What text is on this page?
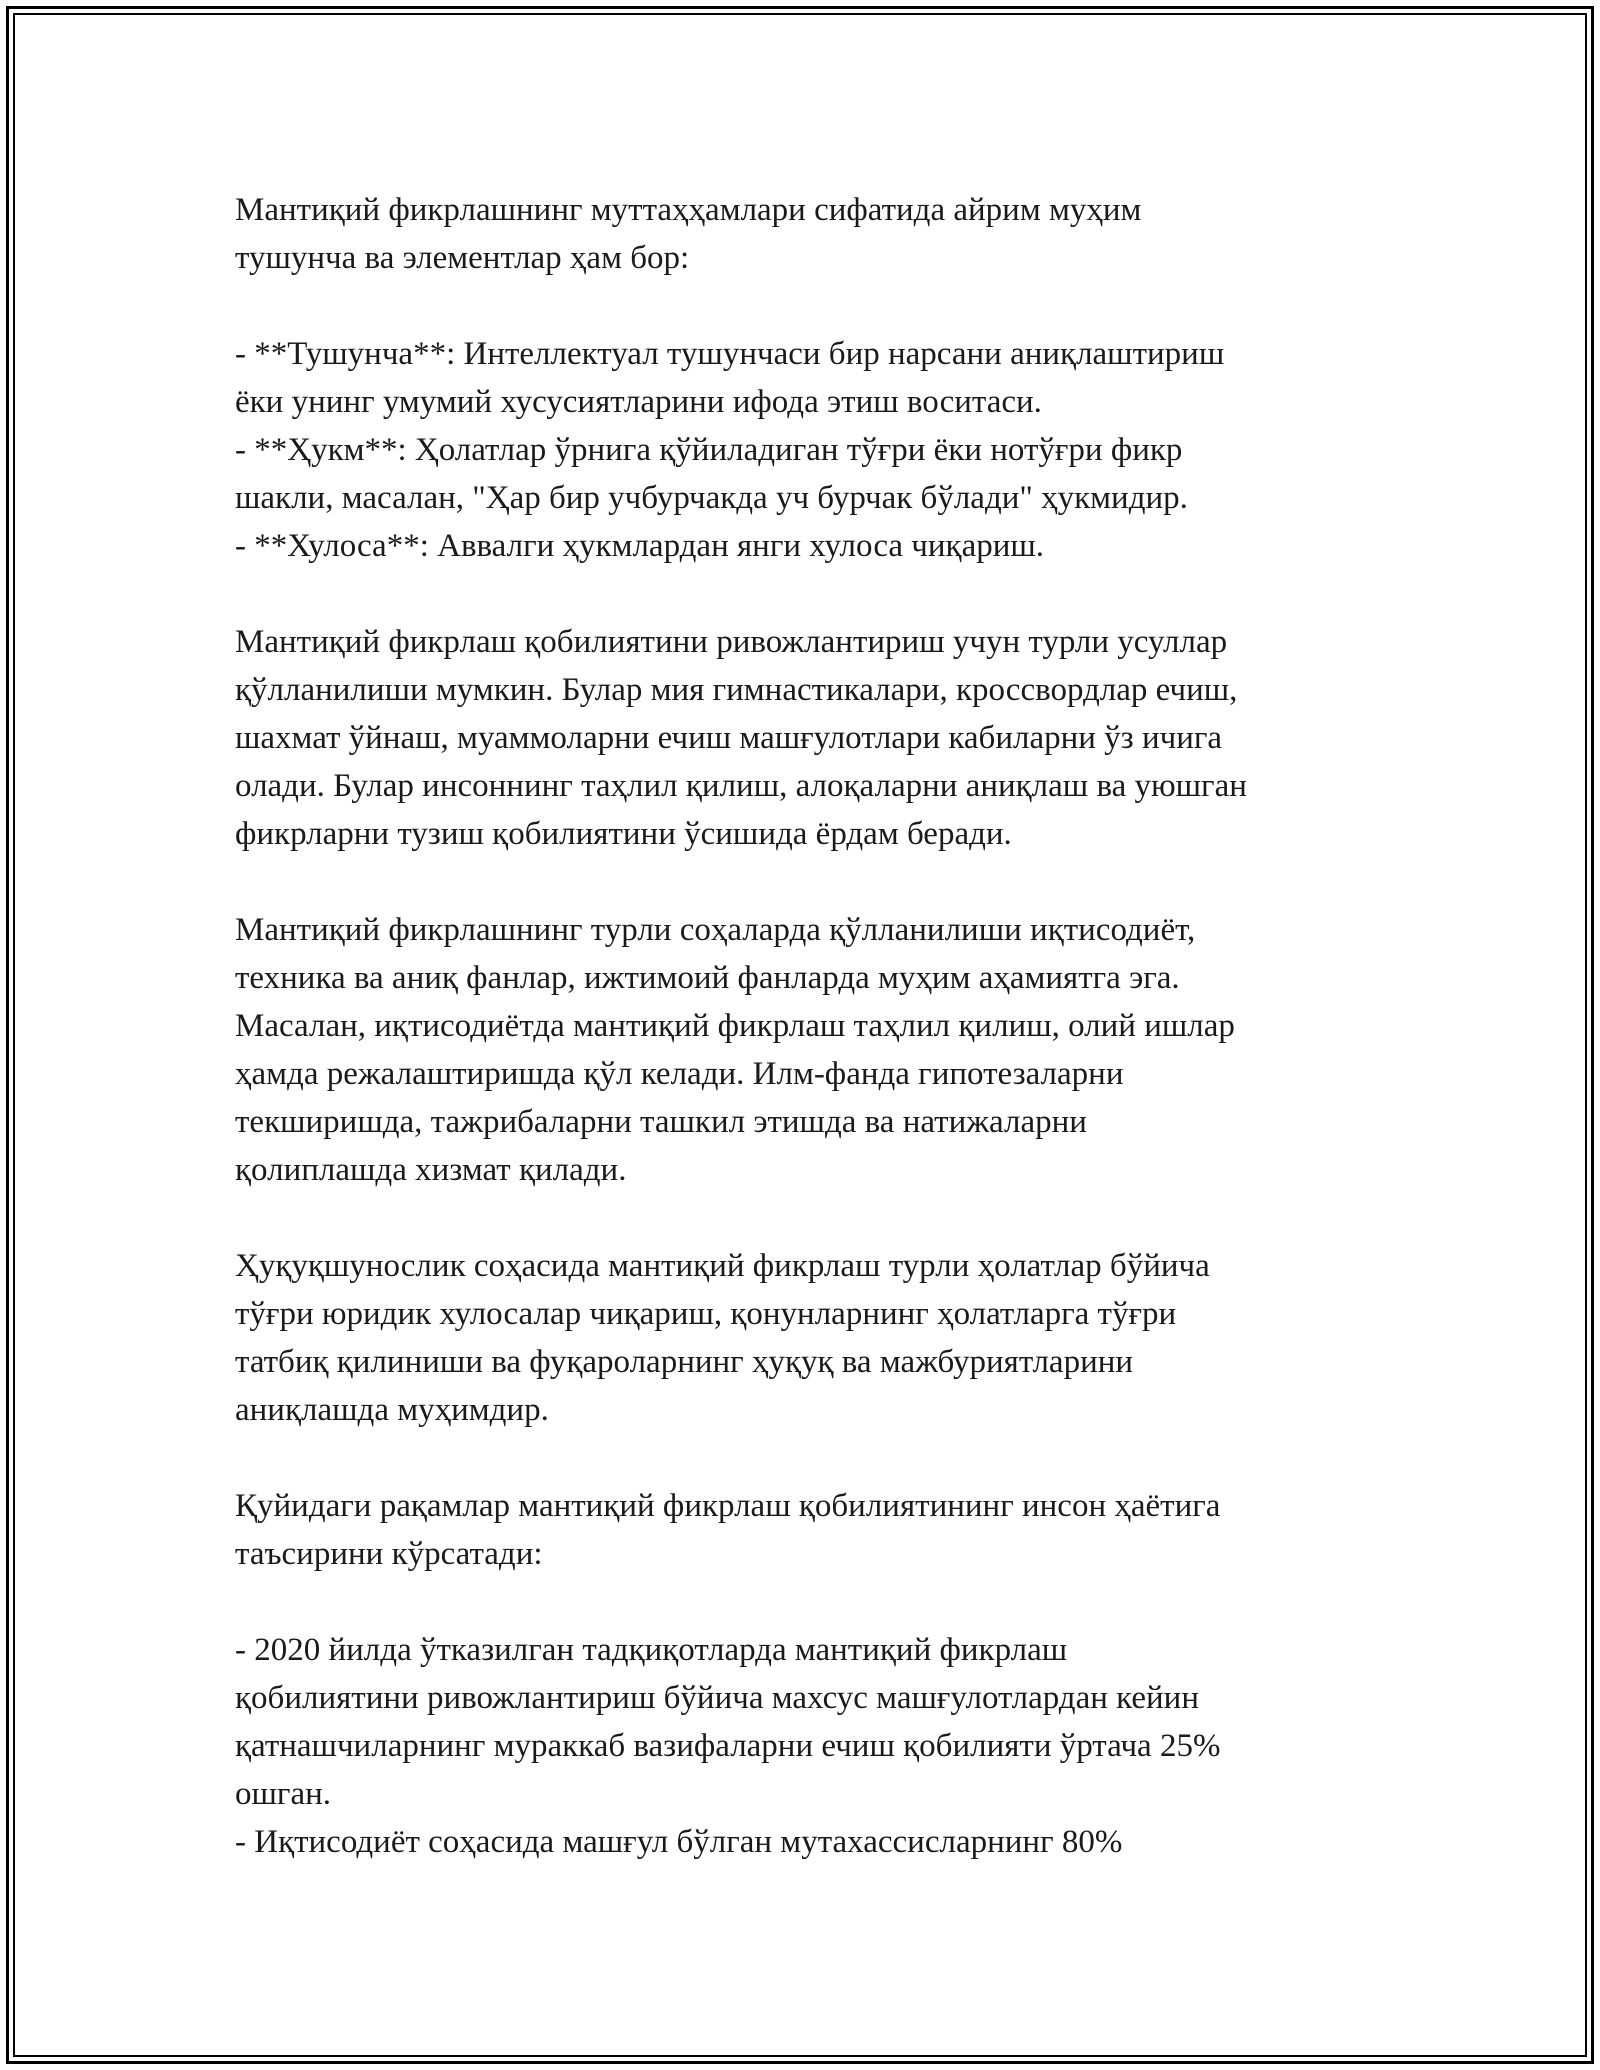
Мантиқий фикрлашнинг муттаҳҳамлари сифатида айрим муҳим
тушунча ва элементлар ҳам бор:
- **Тушунча**: Интеллектуал тушунчаси бир нарсани аниқлаштириш
ёки унинг умумий хусусиятларини ифода этиш воситаси.
- **Ҳукм**: Ҳолатлар ўрнига қўйиладиган тўғри ёки нотўғри фикр
шакли, масалан, "Ҳар бир учбурчакда уч бурчак бўлади" ҳукмидир.
- **Хулоса**: Аввалги ҳукмлардан янги хулоса чиқариш.
Мантиқий фикрлаш қобилиятини ривожлантириш учун турли усуллар
қўлланилиши мумкин. Булар мия гимнастикалари, кроссвордлар ечиш,
шахмат ўйнаш, муаммоларни ечиш машғулотлари кабиларни ўз ичига
олади. Булар инсоннинг таҳлил қилиш, алоқаларни аниқлаш ва уюшган
фикрларни тузиш қобилиятини ўсишида ёрдам беради.
Мантиқий фикрлашнинг турли соҳаларда қўлланилиши иқтисодиёт,
техника ва аниқ фанлар, ижтимоий фанларда муҳим аҳамиятга эга.
Масалан, иқтисодиётда мантиқий фикрлаш таҳлил қилиш, олий ишлар
ҳамда режалаштиришда қўл келади. Илм-фанда гипотезаларни
текширишда, тажрибаларни ташкил этишда ва натижаларни
қолиплашда хизмат қилади.
Ҳуқуқшунослик соҳасида мантиқий фикрлаш турли ҳолатлар бўйича
тўғри юридик хулосалар чиқариш, қонунларнинг ҳолатларга тўғри
татбиқ қилиниши ва фуқароларнинг ҳуқуқ ва мажбуриятларини
аниқлашда муҳимдир.
Қуйидаги рақамлар мантиқий фикрлаш қобилиятининг инсон ҳаётига
таъсирини кўрсатади:
- 2020 йилда ўтказилган тадқиқотларда мантиқий фикрлаш
қобилиятини ривожлантириш бўйича махсус машғулотлардан кейин
қатнашчиларнинг мураккаб вазифаларни ечиш қобилияти ўртача 25%
ошган.
- Иқтисодиёт соҳасида машғул бўлган мутахассисларнинг 80%
